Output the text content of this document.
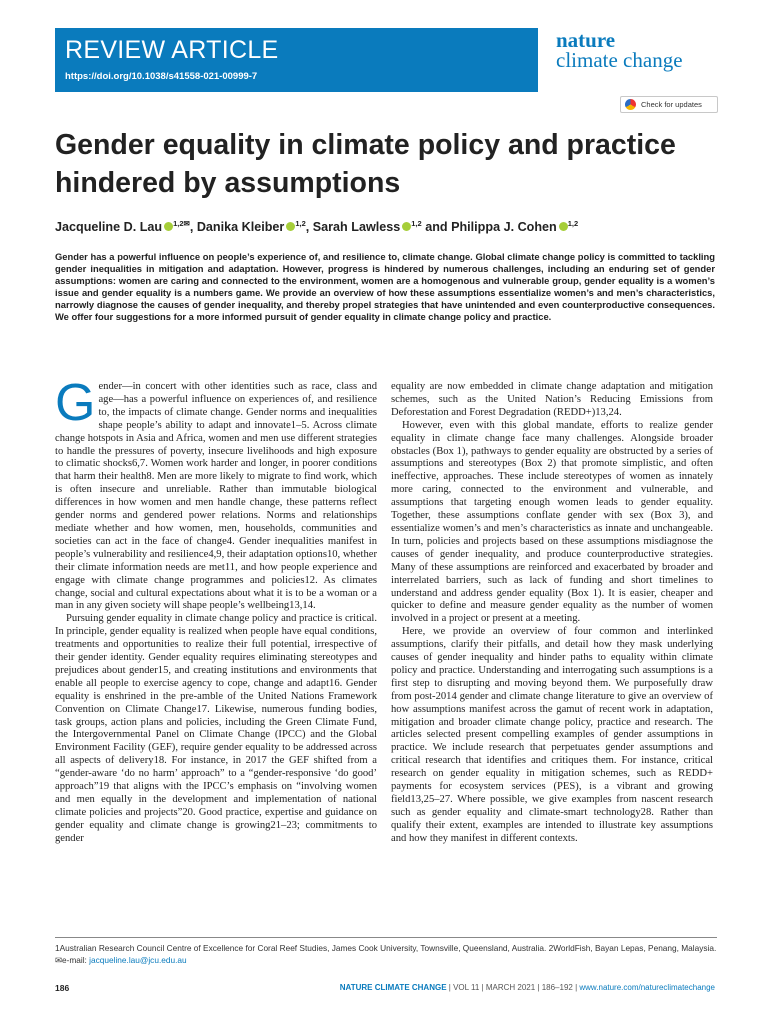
REVIEW ARTICLE
https://doi.org/10.1038/s41558-021-00999-7
nature
climate change
Check for updates
Gender equality in climate policy and practice hindered by assumptions
Jacqueline D. Lau $^{1,2✉}$, Danika Kleiber $^{1,2}$, Sarah Lawless $^{1,2}$ and Philippa J. Cohen $^{1,2}$

Gender has a powerful influence on people’s experience of, and resilience to, climate change. Global climate change policy is committed to tackling gender inequalities in mitigation and adaptation. However, progress is hindered by numerous challenges, including an enduring set of gender assumptions: women are caring and connected to the environment, women are a homogenous and vulnerable group, gender equality is a women’s issue and gender equality is a numbers game. We provide an overview of how these assumptions essentialize women’s and men’s characteristics, narrowly diagnose the causes of gender inequality, and thereby propel strategies that have unintended and even counterproductive consequences. We offer four suggestions for a more informed pursuit of gender equality in climate change policy and practice.

Gender—in concert with other identities such as race, class and age—has a powerful influence on experiences of, and resilience to, the impacts of climate change. Gender norms and inequalities shape people’s ability to adapt and innovate1–5. Across climate change hotspots in Asia and Africa, women and men use different strategies to handle the pressures of poverty, insecure livelihoods and high exposure to climatic shocks6,7. Women work harder and longer, in poorer conditions that harm their health8. Men are more likely to migrate to find work, which is often insecure and unreliable. Rather than immutable biological differences in how women and men handle change, these patterns reflect gender norms and gendered power relations. Norms and relationships mediate whether and how women, men, households, communities and societies can act in the face of change4. Gender inequalities manifest in people’s vulnerability and resilience4,9, their adaptation options10, whether their climate information needs are met11, and how people experience and engage with climate change programmes and policies12. As climates change, social and cultural expectations about what it is to be a woman or a man in any given society will shape people’s wellbeing13,14.

Pursuing gender equality in climate change policy and practice is critical. In principle, gender equality is realized when people have equal conditions, treatments and opportunities to realize their full potential, irrespective of their gender identity. Gender equality requires eliminating stereotypes and prejudices about gender15, and creating institutions and environments that enable all people to exercise agency to cope, change and adapt16. Gender equality is enshrined in the pre-amble of the United Nations Framework Convention on Climate Change17. Likewise, numerous funding bodies, task groups, action plans and policies, including the Green Climate Fund, the Intergovernmental Panel on Climate Change (IPCC) and the Global Environment Facility (GEF), require gender equality to be addressed across all aspects of delivery18. For instance, in 2017 the GEF shifted from a “gender-aware ‘do no harm’ approach” to a “gender-responsive ‘do good’ approach”19 that aligns with the IPCC’s emphasis on “involving women and men equally in the development and implementation of national climate policies and projects”20. Good practice, expertise and guidance on gender equality and climate change is growing21–23; commitments to gender

equality are now embedded in climate change adaptation and mitigation schemes, such as the United Nation’s Reducing Emissions from Deforestation and Forest Degradation (REDD+)13,24.

However, even with this global mandate, efforts to realize gender equality in climate change face many challenges. Alongside broader obstacles (Box 1), pathways to gender equality are obstructed by a series of assumptions and stereotypes (Box 2) that promote simplistic, and often ineffective, approaches. These include stereotypes of women as innately more caring, connected to the environment and vulnerable, and assumptions that targeting enough women leads to gender equality. Together, these assumptions conflate gender with sex (Box 3), and essentialize women’s and men’s characteristics as innate and unchangeable. In turn, policies and projects based on these assumptions misdiagnose the causes of gender inequality, and produce counterproductive strategies. Many of these assumptions are reinforced and exacerbated by broader and interrelated barriers, such as lack of funding and short timelines to understand and address gender equality (Box 1). It is easier, cheaper and quicker to define and measure gender equality as the number of women involved in a project or present at a meeting.

Here, we provide an overview of four common and interlinked assumptions, clarify their pitfalls, and detail how they mask underlying causes of gender inequality and hinder paths to equality within climate policy and practice. Understanding and interrogating such assumptions is a first step to disrupting and moving beyond them. We purposefully draw from post-2014 gender and climate change literature to give an overview of how assumptions manifest across the gamut of recent work in adaptation, mitigation and broader climate change policy, practice and research. The articles selected present compelling examples of gender assumptions in practice. We include research that perpetuates gender assumptions and critical research that identifies and critiques them. For instance, critical research on gender equality in mitigation schemes, such as REDD+ payments for ecosystem services (PES), is a vibrant and growing field13,25–27. Where possible, we give examples from nascent research such as gender equality and climate-smart technology28. Rather than qualify their extent, examples are intended to illustrate key assumptions and how they manifest in different contexts.

1Australian Research Council Centre of Excellence for Coral Reef Studies, James Cook University, Townsville, Queensland, Australia. 2WorldFish, Bayan Lepas, Penang, Malaysia. ✉e-mail: jacqueline.lau@jcu.edu.au
186	NATURE CLIMATE CHANGE | VOL 11 | MARCH 2021 | 186–192 | www.nature.com/natureclimatechange
